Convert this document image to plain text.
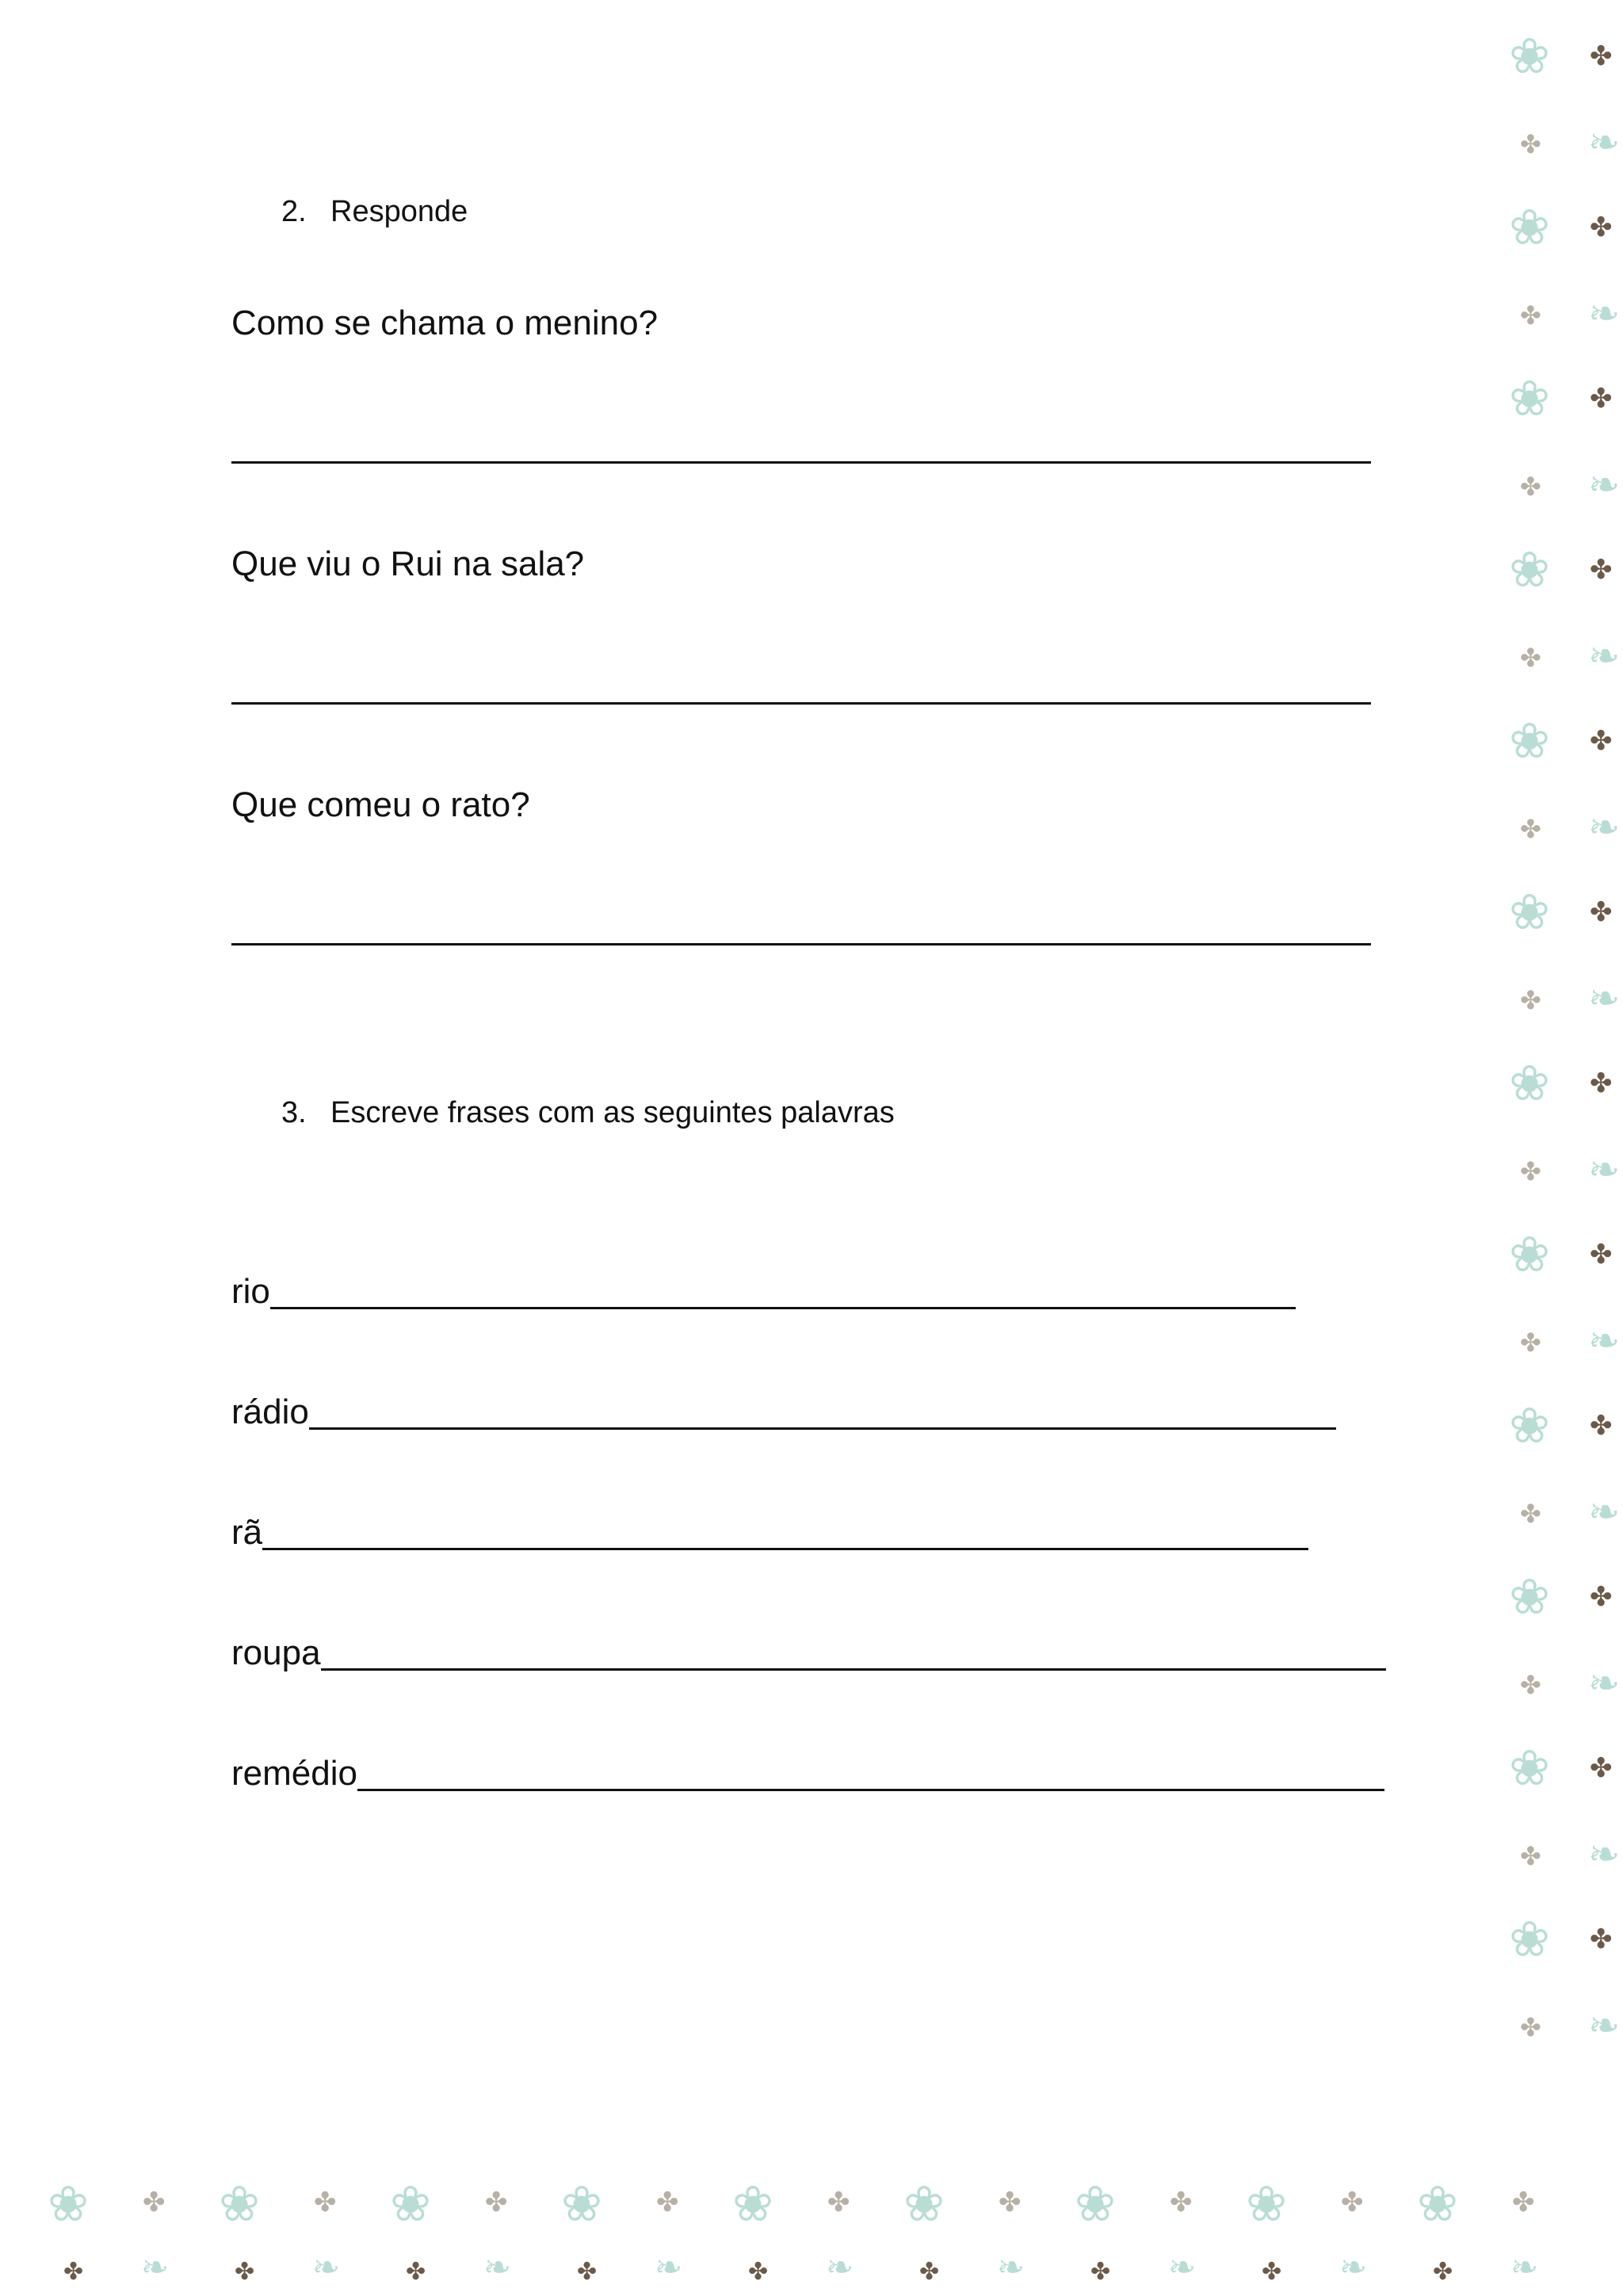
2. Responde
Como se chama o menino?
Que viu o Rui na sala?
Que comeu o rato?
3. Escreve frases com as seguintes palavras
rio
rádio
rã
roupa
remédio
❀ ✤
✤ ❧
❀ ✤
✤ ❧
❀ ✤
✤ ❧
❀ ✤
✤ ❧
❀ ✤
✤ ❧
❀ ✤
✤ ❧
❀ ✤
✤ ❧
❀ ✤
✤ ❧
❀ ✤
✤ ❧
❀ ✤
✤ ❧
❀ ✤
✤ ❧
❀ ✤
✤ ❧
❀
✤
✤
❧
❀
✤
✤
❧
❀
✤
✤
❧
❀
✤
✤
❧
❀
✤
✤
❧
❀
✤
✤
❧
❀
✤
✤
❧
❀
✤
✤
❧
❀
✤
✤
❧
